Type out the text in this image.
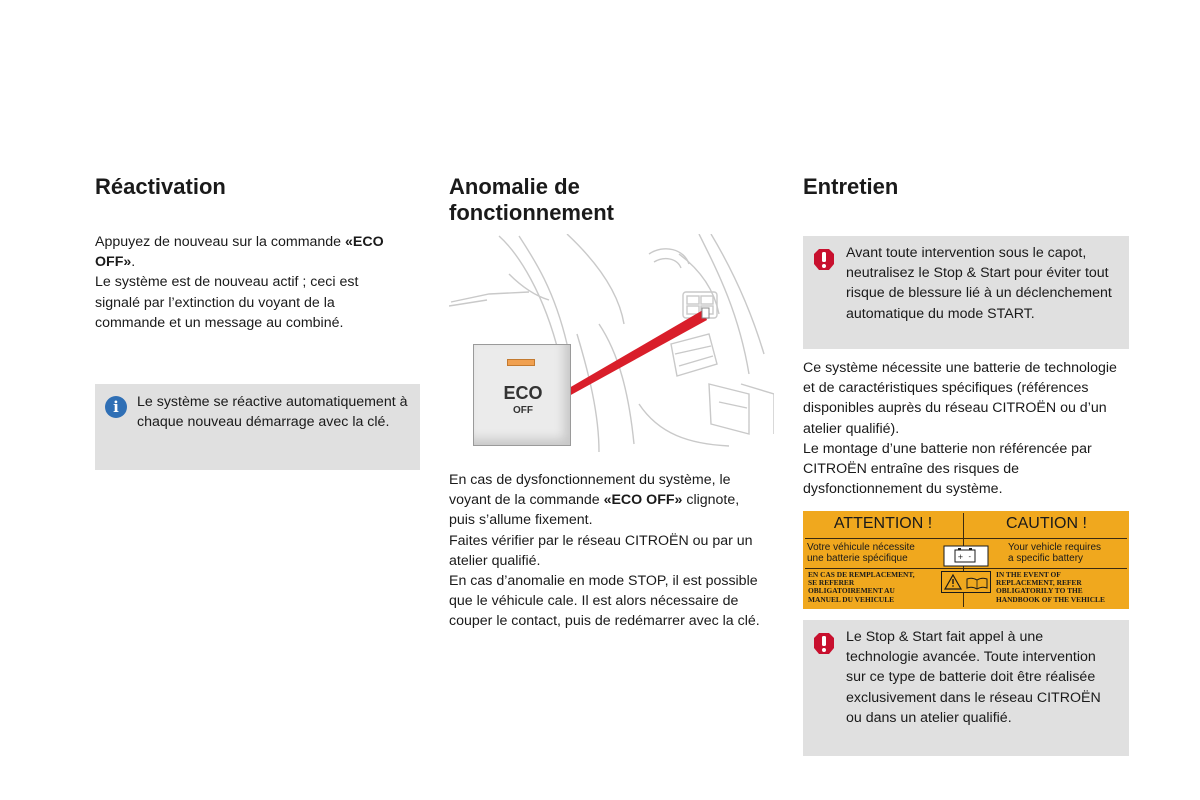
Réactivation

Appuyez de nouveau sur la commande «ECO OFF».

Le système est de nouveau actif ; ceci est signalé par l’extinction du voyant de la commande et un message au combiné.

i	Le système se réactive automatiquement à chaque nouveau démarrage avec la clé.

Anomalie de fonctionnement
ECO
OFF

En cas de dysfonctionnement du système, le voyant de la commande «ECO OFF» clignote, puis s’allume fixement.

Faites vérifier par le réseau CITROËN ou par un atelier qualifié.

En cas d’anomalie en mode STOP, il est possible que le véhicule cale. Il est alors nécessaire de couper le contact, puis de redémarrer avec la clé.

Entretien

Avant toute intervention sous le capot, neutralisez le Stop & Start pour éviter tout risque de blessure lié à un déclenchement automatique du mode START.

Ce système nécessite une batterie de technologie et de caractéristiques spécifiques (références disponibles auprès du réseau CITROËN ou d’un atelier qualifié).

Le montage d’une batterie non référencée par CITROËN entraîne des risques de dysfonctionnement du système.

ATTENTION !	CAUTION !
Votre véhicule nécessite
une batterie spécifique
Your vehicle requires
a specific battery
+ -
EN CAS DE REMPLACEMENT,
SE REFERER
OBLIGATOIREMENT AU
MANUEL DU VEHICULE
IN THE EVENT OF
REPLACEMENT, REFER
OBLIGATORILY TO THE
HANDBOOK OF THE VEHICLE

Le Stop & Start fait appel à une technologie avancée. Toute intervention sur ce type de batterie doit être réalisée exclusivement dans le réseau CITROËN ou dans un atelier qualifié.
